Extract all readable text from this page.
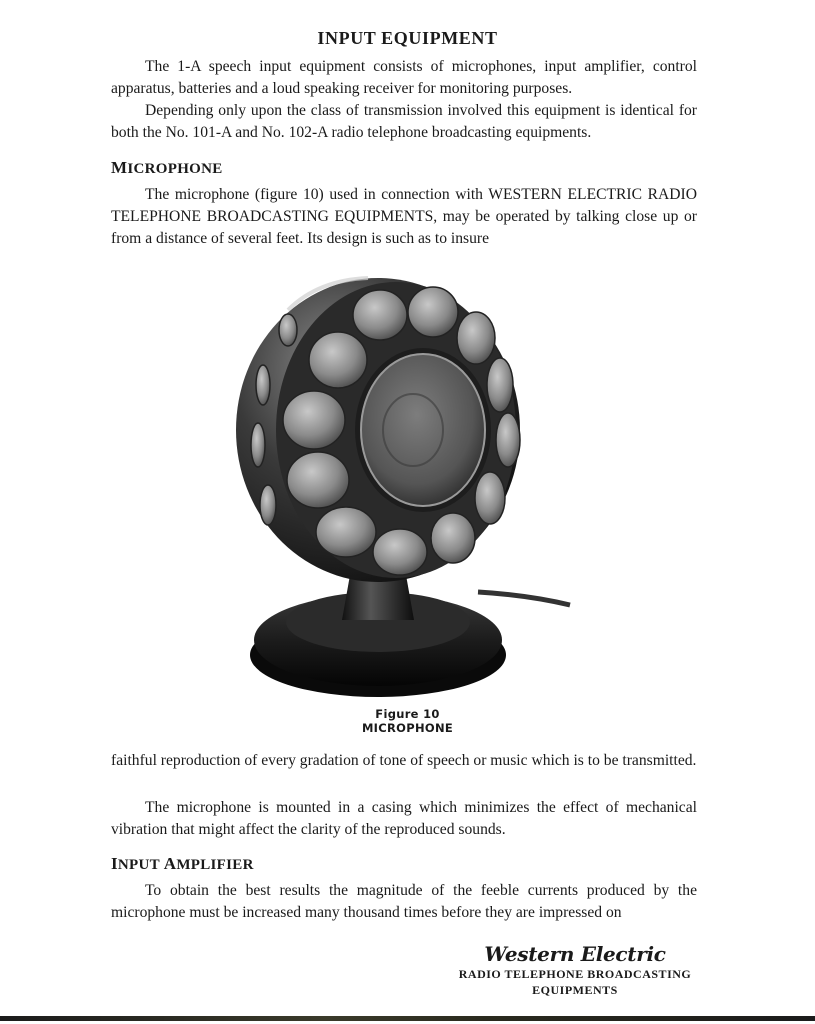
INPUT EQUIPMENT

The 1-A speech input equipment consists of microphones, input amplifier, control apparatus, batteries and a loud speaking receiver for monitoring purposes.

Depending only upon the class of transmission involved this equipment is identical for both the No. 101-A and No. 102-A radio telephone broadcasting equipments.

MICROPHONE

The microphone (figure 10) used in connection with WESTERN ELECTRIC RADIO TELEPHONE BROADCASTING EQUIPMENTS, may be operated by talking close up or from a distance of several feet. Its design is such as to insure

Figure 10
MICROPHONE

faithful reproduction of every gradation of tone of speech or music which is to be transmitted.

The microphone is mounted in a casing which minimizes the effect of mechanical vibration that might affect the clarity of the reproduced sounds.

INPUT AMPLIFIER

To obtain the best results the magnitude of the feeble currents produced by the microphone must be increased many thousand times before they are impressed on

Western Electric
RADIO TELEPHONE BROADCASTING
EQUIPMENTS
